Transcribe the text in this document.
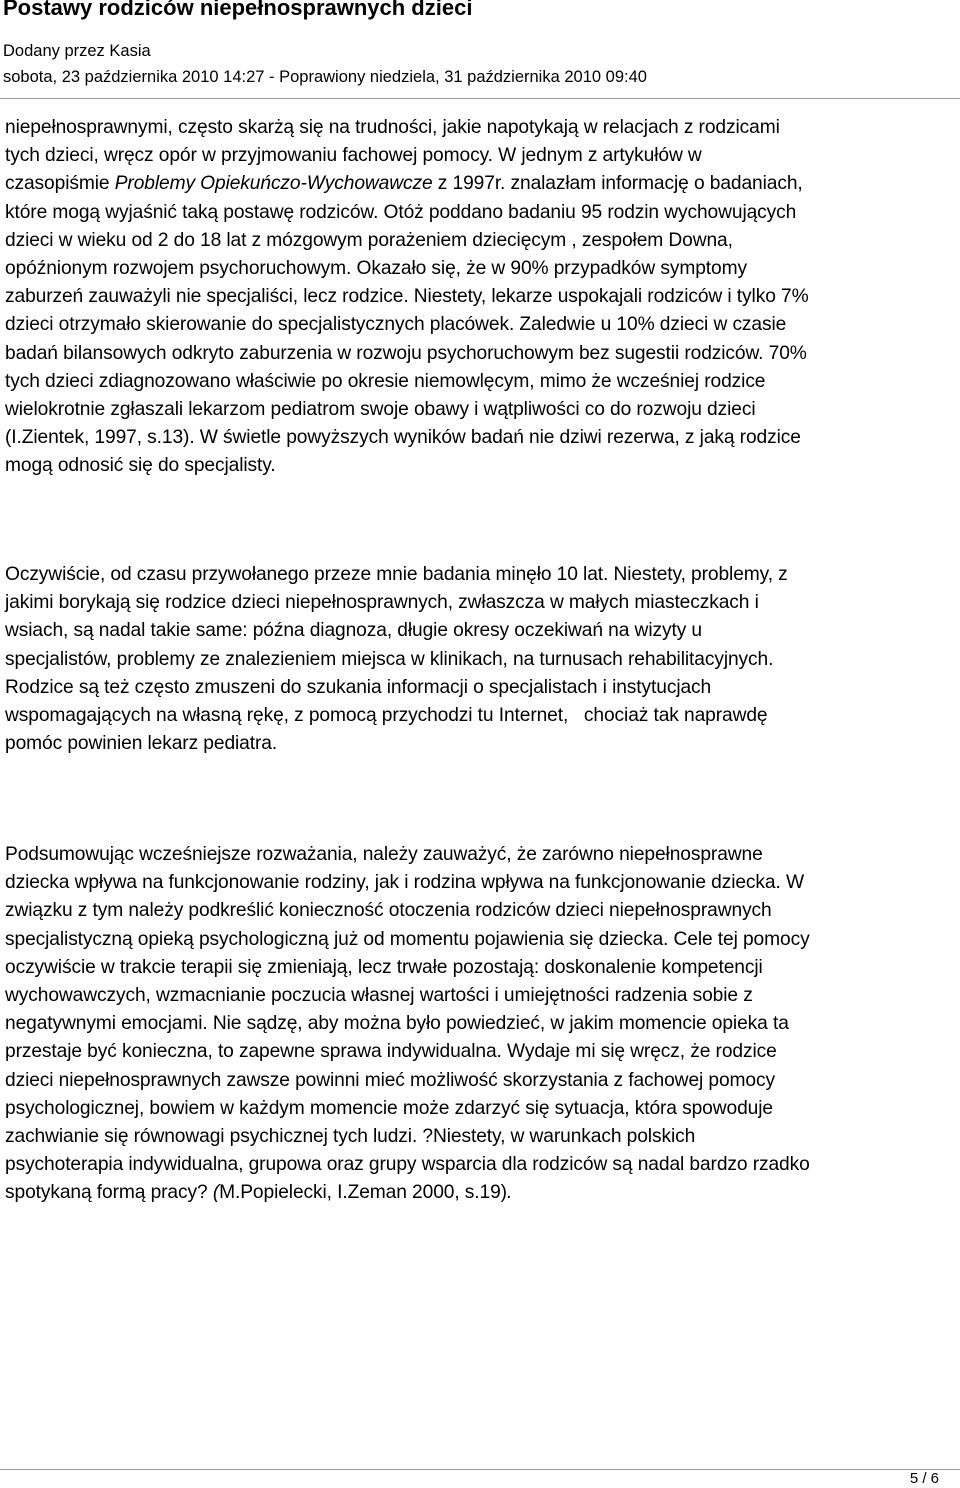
Postawy rodziców niepełnosprawnych dzieci
Dodany przez Kasia
sobota, 23 października 2010 14:27 - Poprawiony niedziela, 31 października 2010 09:40

niepełnosprawnymi, często skarżą się na trudności, jakie napotykają w relacjach z rodzicami
tych dzieci, wręcz opór w przyjmowaniu fachowej pomocy. W jednym z artykułów w
czasopiśmie Problemy Opiekuńczo-Wychowawcze z 1997r. znalazłam informację o badaniach,
które mogą wyjaśnić taką postawę rodziców. Otóż poddano badaniu 95 rodzin wychowujących
dzieci w wieku od 2 do 18 lat z mózgowym porażeniem dziecięcym , zespołem Downa,
opóźnionym rozwojem psychoruchowym. Okazało się, że w 90% przypadków symptomy
zaburzeń zauważyli nie specjaliści, lecz rodzice. Niestety, lekarze uspokajali rodziców i tylko 7%
dzieci otrzymało skierowanie do specjalistycznych placówek. Zaledwie u 10% dzieci w czasie
badań bilansowych odkryto zaburzenia w rozwoju psychoruchowym bez sugestii rodziców. 70%
tych dzieci zdiagnozowano właściwie po okresie niemowlęcym, mimo że wcześniej rodzice
wielokrotnie zgłaszali lekarzom pediatrom swoje obawy i wątpliwości co do rozwoju dzieci
(I.Zientek, 1997, s.13). W świetle powyższych wyników badań nie dziwi rezerwa, z jaką rodzice
mogą odnosić się do specjalisty.

Oczywiście, od czasu przywołanego przeze mnie badania minęło 10 lat. Niestety, problemy, z
jakimi borykają się rodzice dzieci niepełnosprawnych, zwłaszcza w małych miasteczkach i
wsiach, są nadal takie same: późna diagnoza, długie okresy oczekiwań na wizyty u
specjalistów, problemy ze znalezieniem miejsca w klinikach, na turnusach rehabilitacyjnych.
Rodzice są też często zmuszeni do szukania informacji o specjalistach i instytucjach
wspomagających na własną rękę, z pomocą przychodzi tu Internet,   chociaż tak naprawdę
pomóc powinien lekarz pediatra.

Podsumowując wcześniejsze rozważania, należy zauważyć, że zarówno niepełnosprawne
dziecka wpływa na funkcjonowanie rodziny, jak i rodzina wpływa na funkcjonowanie dziecka. W
związku z tym należy podkreślić konieczność otoczenia rodziców dzieci niepełnosprawnych
specjalistyczną opieką psychologiczną już od momentu pojawienia się dziecka. Cele tej pomocy
oczywiście w trakcie terapii się zmieniają, lecz trwałe pozostają: doskonalenie kompetencji
wychowawczych, wzmacnianie poczucia własnej wartości i umiejętności radzenia sobie z
negatywnymi emocjami. Nie sądzę, aby można było powiedzieć, w jakim momencie opieka ta
przestaje być konieczna, to zapewne sprawa indywidualna. Wydaje mi się wręcz, że rodzice
dzieci niepełnosprawnych zawsze powinni mieć możliwość skorzystania z fachowej pomocy
psychologicznej, bowiem w każdym momencie może zdarzyć się sytuacja, która spowoduje
zachwianie się równowagi psychicznej tych ludzi. ?Niestety, w warunkach polskich
psychoterapia indywidualna, grupowa oraz grupy wsparcia dla rodziców są nadal bardzo rzadko
spotykaną formą pracy? (M.Popielecki, I.Zeman 2000, s.19).

5 / 6
